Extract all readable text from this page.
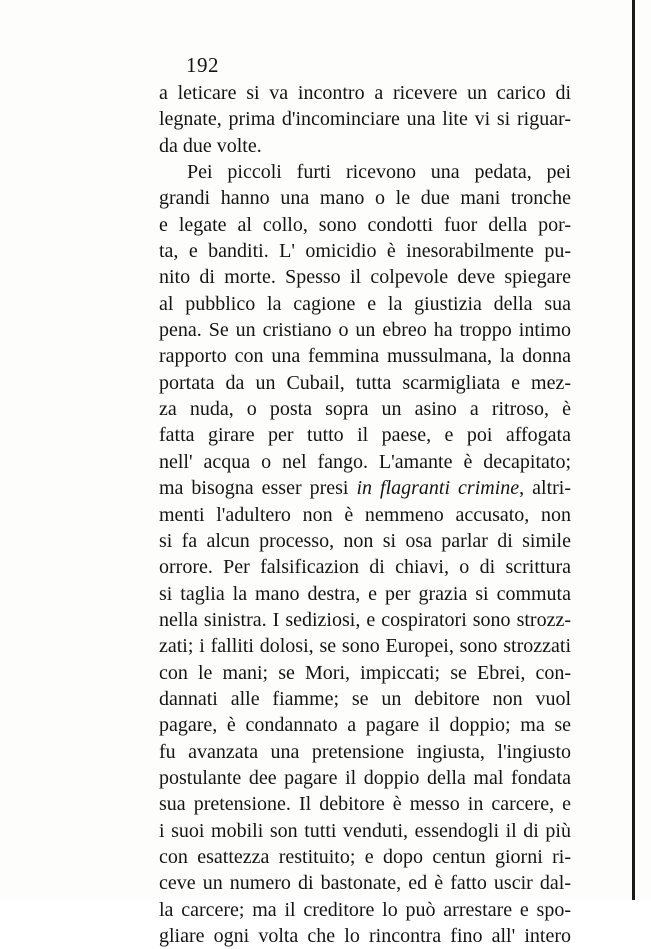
192
a leticare si va incontro a ricevere un carico di
legnate, prima d'incominciare una lite vi si riguar-
da due volte.
Pei piccoli furti ricevono una pedata, pei
grandi hanno una mano o le due mani tronche
e legate al collo, sono condotti fuor della por-
ta, e banditi. L' omicidio è inesorabilmente pu-
nito di morte. Spesso il colpevole deve spiegare
al pubblico la cagione e la giustizia della sua
pena. Se un cristiano o un ebreo ha troppo intimo
rapporto con una femmina mussulmana, la donna
portata da un Cubail, tutta scarmigliata e mez-
za nuda, o posta sopra un asino a ritroso, è
fatta girare per tutto il paese, e poi affogata
nell' acqua o nel fango. L'amante è decapitato;
ma bisogna esser presi in flagranti crimine, altri-
menti l'adultero non è nemmeno accusato, non
si fa alcun processo, non si osa parlar di simile
orrore. Per falsificazion di chiavi, o di scrittura
si taglia la mano destra, e per grazia si commuta
nella sinistra. I sediziosi, e cospiratori sono strozz-
zati; i falliti dolosi, se sono Europei, sono strozzati
con le mani; se Mori, impiccati; se Ebrei, con-
dannati alle fiamme; se un debitore non vuol
pagare, è condannato a pagare il doppio; ma se
fu avanzata una pretensione ingiusta, l'ingiusto
postulante dee pagare il doppio della mal fondata
sua pretensione. Il debitore è messo in carcere, e
i suoi mobili son tutti venduti, essendogli il di più
con esattezza restituito; e dopo centun giorni ri-
ceve un numero di bastonate, ed è fatto uscir dal-
la carcere; ma il creditore lo può arrestare e spo-
gliare ogni volta che lo rincontra fino all' intero
